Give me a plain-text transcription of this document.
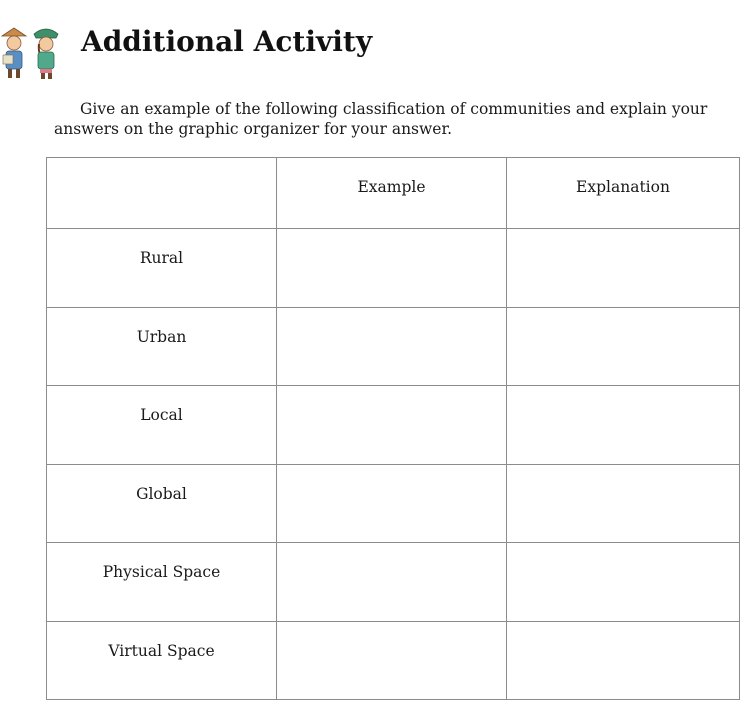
Additional Activity

Give an example of the following classification of communities and explain your
answers on the graphic organizer for your answer.

	Example	Explanation
Rural		
Urban		
Local		
Global		
Physical Space		
Virtual Space		
